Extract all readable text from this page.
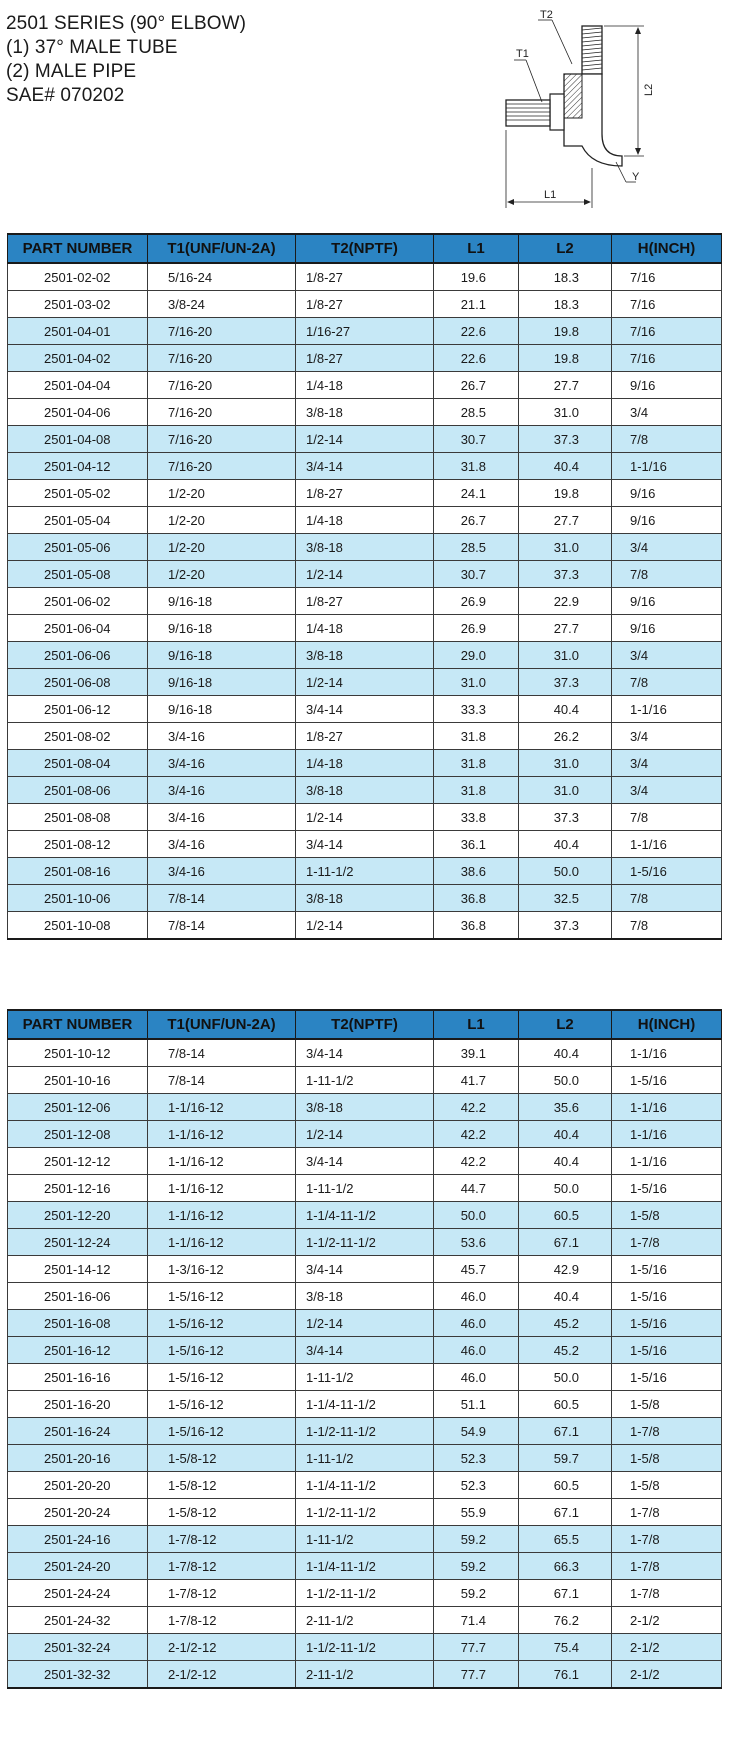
2501 SERIES (90° ELBOW)
(1) 37° MALE TUBE
(2) MALE PIPE
SAE# 070202
T2
T1
L2
L1
Y
PART NUMBER	T1(UNF/UN-2A)	T2(NPTF)	L1	L2	H(INCH)
2501-02-02	5/16-24	1/8-27	19.6	18.3	7/16
2501-03-02	3/8-24	1/8-27	21.1	18.3	7/16
2501-04-01	7/16-20	1/16-27	22.6	19.8	7/16
2501-04-02	7/16-20	1/8-27	22.6	19.8	7/16
2501-04-04	7/16-20	1/4-18	26.7	27.7	9/16
2501-04-06	7/16-20	3/8-18	28.5	31.0	3/4
2501-04-08	7/16-20	1/2-14	30.7	37.3	7/8
2501-04-12	7/16-20	3/4-14	31.8	40.4	1-1/16
2501-05-02	1/2-20	1/8-27	24.1	19.8	9/16
2501-05-04	1/2-20	1/4-18	26.7	27.7	9/16
2501-05-06	1/2-20	3/8-18	28.5	31.0	3/4
2501-05-08	1/2-20	1/2-14	30.7	37.3	7/8
2501-06-02	9/16-18	1/8-27	26.9	22.9	9/16
2501-06-04	9/16-18	1/4-18	26.9	27.7	9/16
2501-06-06	9/16-18	3/8-18	29.0	31.0	3/4
2501-06-08	9/16-18	1/2-14	31.0	37.3	7/8
2501-06-12	9/16-18	3/4-14	33.3	40.4	1-1/16
2501-08-02	3/4-16	1/8-27	31.8	26.2	3/4
2501-08-04	3/4-16	1/4-18	31.8	31.0	3/4
2501-08-06	3/4-16	3/8-18	31.8	31.0	3/4
2501-08-08	3/4-16	1/2-14	33.8	37.3	7/8
2501-08-12	3/4-16	3/4-14	36.1	40.4	1-1/16
2501-08-16	3/4-16	1-11-1/2	38.6	50.0	1-5/16
2501-10-06	7/8-14	3/8-18	36.8	32.5	7/8
2501-10-08	7/8-14	1/2-14	36.8	37.3	7/8
PART NUMBER	T1(UNF/UN-2A)	T2(NPTF)	L1	L2	H(INCH)
2501-10-12	7/8-14	3/4-14	39.1	40.4	1-1/16
2501-10-16	7/8-14	1-11-1/2	41.7	50.0	1-5/16
2501-12-06	1-1/16-12	3/8-18	42.2	35.6	1-1/16
2501-12-08	1-1/16-12	1/2-14	42.2	40.4	1-1/16
2501-12-12	1-1/16-12	3/4-14	42.2	40.4	1-1/16
2501-12-16	1-1/16-12	1-11-1/2	44.7	50.0	1-5/16
2501-12-20	1-1/16-12	1-1/4-11-1/2	50.0	60.5	1-5/8
2501-12-24	1-1/16-12	1-1/2-11-1/2	53.6	67.1	1-7/8
2501-14-12	1-3/16-12	3/4-14	45.7	42.9	1-5/16
2501-16-06	1-5/16-12	3/8-18	46.0	40.4	1-5/16
2501-16-08	1-5/16-12	1/2-14	46.0	45.2	1-5/16
2501-16-12	1-5/16-12	3/4-14	46.0	45.2	1-5/16
2501-16-16	1-5/16-12	1-11-1/2	46.0	50.0	1-5/16
2501-16-20	1-5/16-12	1-1/4-11-1/2	51.1	60.5	1-5/8
2501-16-24	1-5/16-12	1-1/2-11-1/2	54.9	67.1	1-7/8
2501-20-16	1-5/8-12	1-11-1/2	52.3	59.7	1-5/8
2501-20-20	1-5/8-12	1-1/4-11-1/2	52.3	60.5	1-5/8
2501-20-24	1-5/8-12	1-1/2-11-1/2	55.9	67.1	1-7/8
2501-24-16	1-7/8-12	1-11-1/2	59.2	65.5	1-7/8
2501-24-20	1-7/8-12	1-1/4-11-1/2	59.2	66.3	1-7/8
2501-24-24	1-7/8-12	1-1/2-11-1/2	59.2	67.1	1-7/8
2501-24-32	1-7/8-12	2-11-1/2	71.4	76.2	2-1/2
2501-32-24	2-1/2-12	1-1/2-11-1/2	77.7	75.4	2-1/2
2501-32-32	2-1/2-12	2-11-1/2	77.7	76.1	2-1/2
